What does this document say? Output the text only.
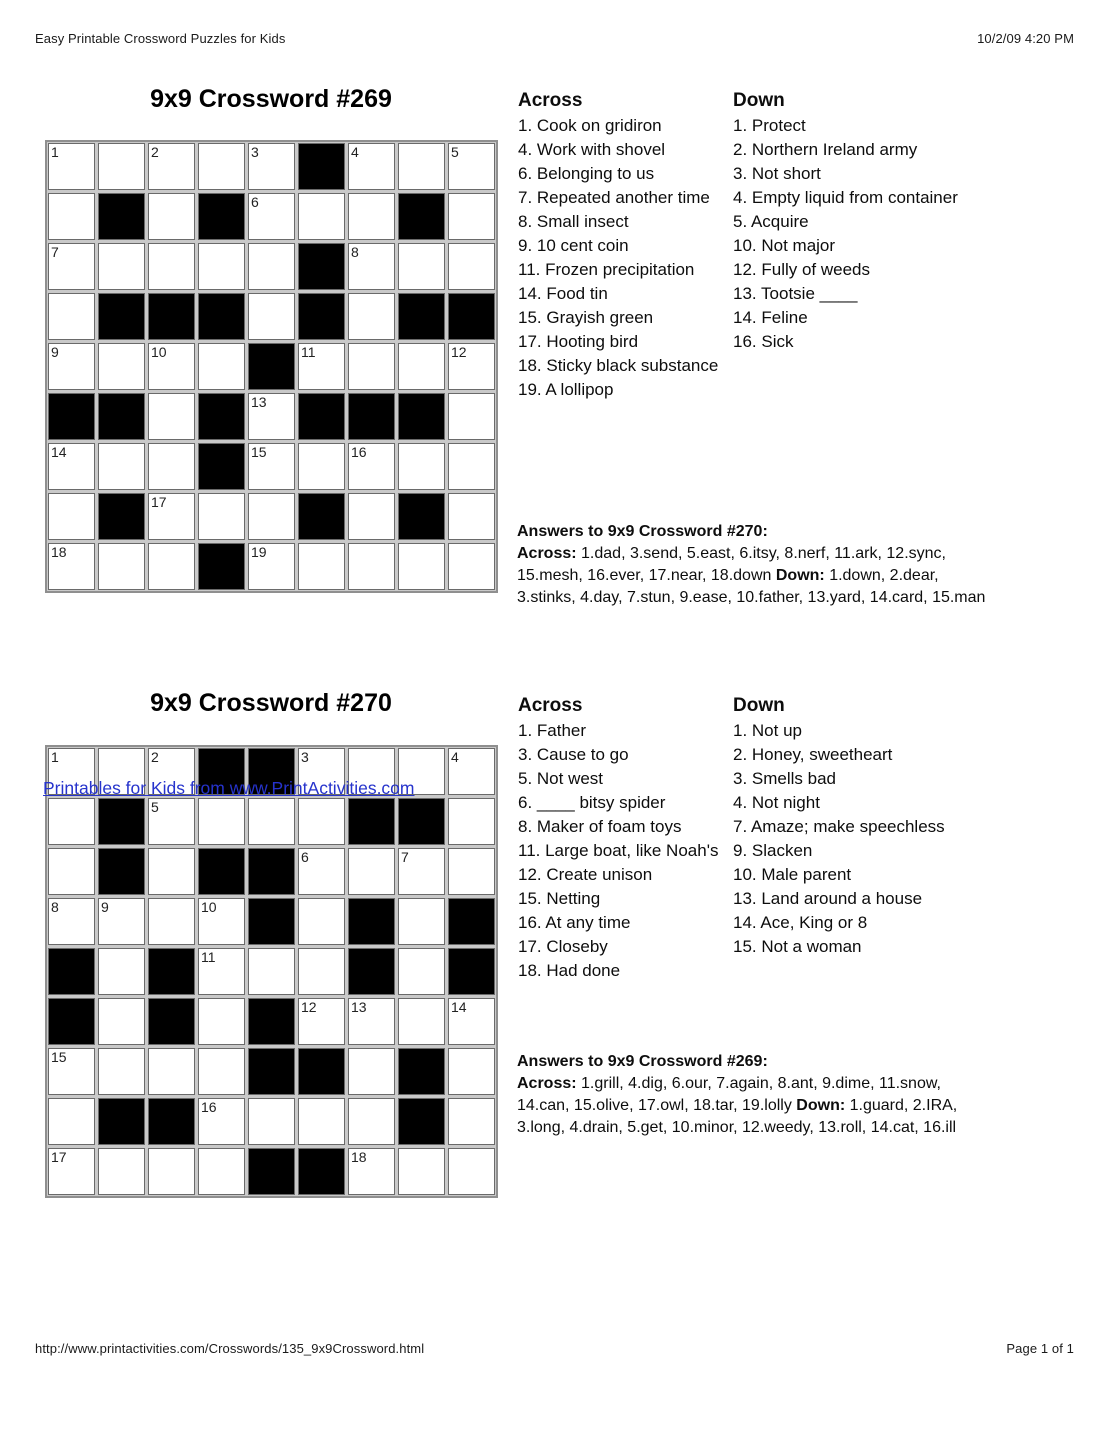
Easy Printable Crossword Puzzles for Kids	10/2/09 4:20 PM
9x9 Crossword #269
1	2	3	4	5
6
7	8
9	10	11	12
13
14	15	16
17
18	19
Across
1. Cook on gridiron
4. Work with shovel
6. Belonging to us
7. Repeated another time
8. Small insect
9. 10 cent coin
11. Frozen precipitation
14. Food tin
15. Grayish green
17. Hooting bird
18. Sticky black substance
19. A lollipop
Down
1. Protect
2. Northern Ireland army
3. Not short
4. Empty liquid from container
5. Acquire
10. Not major
12. Fully of weeds
13. Tootsie ____
14. Feline
16. Sick
Answers to 9x9 Crossword #270:
Across: 1.dad, 3.send, 5.east, 6.itsy, 8.nerf, 11.ark, 12.sync, 15.mesh, 16.ever, 17.near, 18.down Down: 1.down, 2.dear, 3.stinks, 4.day, 7.stun, 9.ease, 10.father, 13.yard, 14.card, 15.man
9x9 Crossword #270
1	2	3	4
5
6	7
8	9	10
11
12 13	14
15
16
17	18
Printables for Kids from www.PrintActivities.com
Across
1. Father
3. Cause to go
5. Not west
6. ____ bitsy spider
8. Maker of foam toys
11. Large boat, like Noah's
12. Create unison
15. Netting
16. At any time
17. Closeby
18. Had done
Down
1. Not up
2. Honey, sweetheart
3. Smells bad
4. Not night
7. Amaze; make speechless
9. Slacken
10. Male parent
13. Land around a house
14. Ace, King or 8
15. Not a woman
Answers to 9x9 Crossword #269:
Across: 1.grill, 4.dig, 6.our, 7.again, 8.ant, 9.dime, 11.snow, 14.can, 15.olive, 17.owl, 18.tar, 19.lolly Down: 1.guard, 2.IRA, 3.long, 4.drain, 5.get, 10.minor, 12.weedy, 13.roll, 14.cat, 16.ill
http://www.printactivities.com/Crosswords/135_9x9Crossword.html	Page 1 of 1
